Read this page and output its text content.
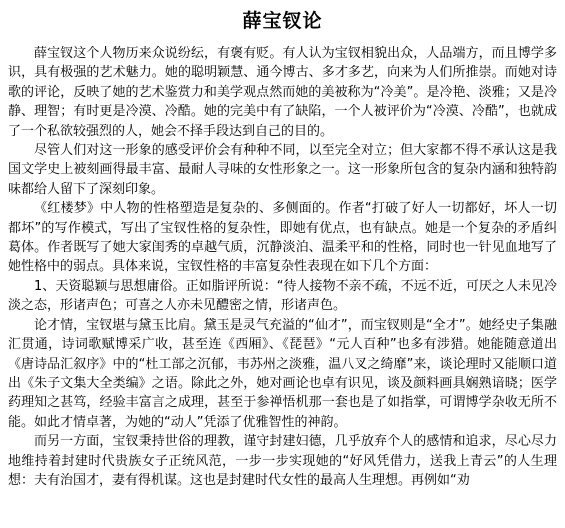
薛宝钗论

薛宝钗这个人物历来众说纷纭，有褒有贬。有人认为宝钗相貌出众，人品端方，而且博学多识，具有极强的艺术魅力。她的聪明颖慧、通今博古、多才多艺，向来为人们所推崇。而她对诗歌的评论，反映了她的艺术鉴赏力和美学观点然而她的美被称为“冷美”。是冷艳、淡雅；又是冷静、理智；有时更是冷漠、冷酷。她的完美中有了缺陷，一个人被评价为“冷漠、冷酷”，也就成了一个私欲较强烈的人，她会不择手段达到自己的目的。

尽管人们对这一形象的感受评价会有种种不同，以至完全对立；但大家都不得不承认这是我国文学史上被刻画得最丰富、最耐人寻味的女性形象之一。这一形象所包含的复杂内涵和独特韵味都给人留下了深刻印象。

《红楼梦》中人物的性格塑造是复杂的、多侧面的。作者“打破了好人一切都好，坏人一切都坏”的写作模式，写出了宝钗性格的复杂性，即她有优点，也有缺点。她是一个复杂的矛盾纠葛体。作者既写了她大家闺秀的卓越气质，沉静淡泊、温柔平和的性格，同时也一针见血地写了她性格中的弱点。具体来说，宝钗性格的丰富复杂性表现在如下几个方面：

1、天资聪颖与思想庸俗。正如脂评所说：“待人接物不亲不疏，不远不近，可厌之人未见冷淡之态，形诸声色；可喜之人亦未见醴密之情，形诸声色。

论才情，宝钗堪与黛玉比肩。黛玉是灵气充溢的“仙才”，而宝钗则是“全才”。她经史子集融汇贯通，诗词歌赋博采广收，甚至连《西厢》、《琵琶》“元人百种”也多有涉猎。她能随意道出《唐诗品汇叙序》中的“杜工部之沉郁，韦苏州之淡雅，温八叉之绮靡”来，谈论理时又能顺口道出《朱子文集大全类编》之语。除此之外，她对画论也卓有识见，谈及颜料画具娴熟谙晓；医学药理知之甚笃，经验丰富言之成理，甚至于参禅悟机那一套也是了如指掌，可谓博学杂收无所不能。如此才情卓著，为她的“动人”凭添了优雅智性的神韵。

而另一方面，宝钗秉持世俗的理教，谨守封建妇德，几乎放弃个人的感情和追求，尽心尽力地维持着封建时代贵族女子正统风范，一步一步实现她的“好风凭借力，送我上青云”的人生理想：夫有治国才，妻有得机谋。这也是封建时代女性的最高人生理想。再例如“劝
